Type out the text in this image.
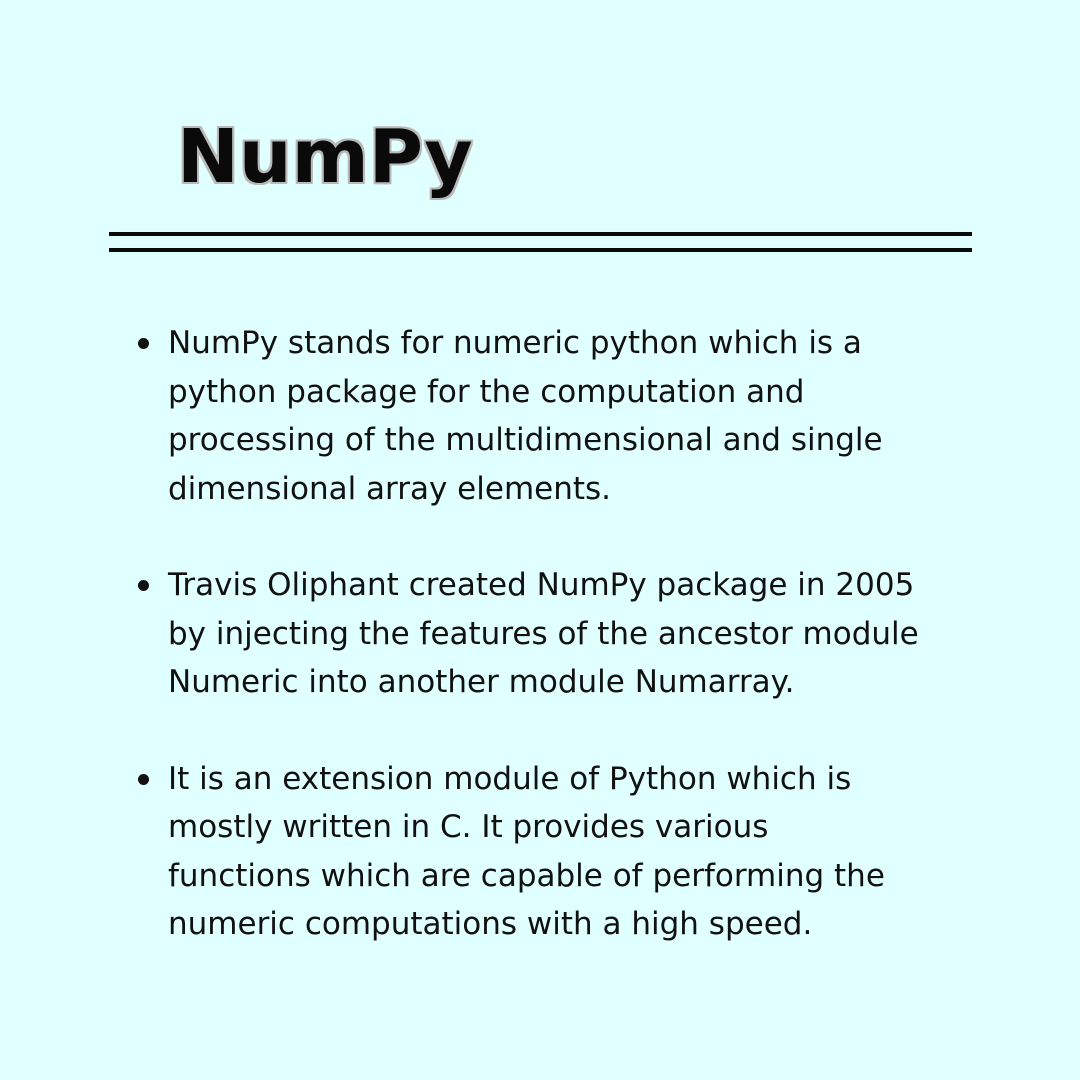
NumPy
NumPy stands for numeric python which is a
python package for the computation and
processing of the multidimensional and single
dimensional array elements.
Travis Oliphant created NumPy package in 2005
by injecting the features of the ancestor module
Numeric into another module Numarray.
It is an extension module of Python which is
mostly written in C. It provides various
functions which are capable of performing the
numeric computations with a high speed.
